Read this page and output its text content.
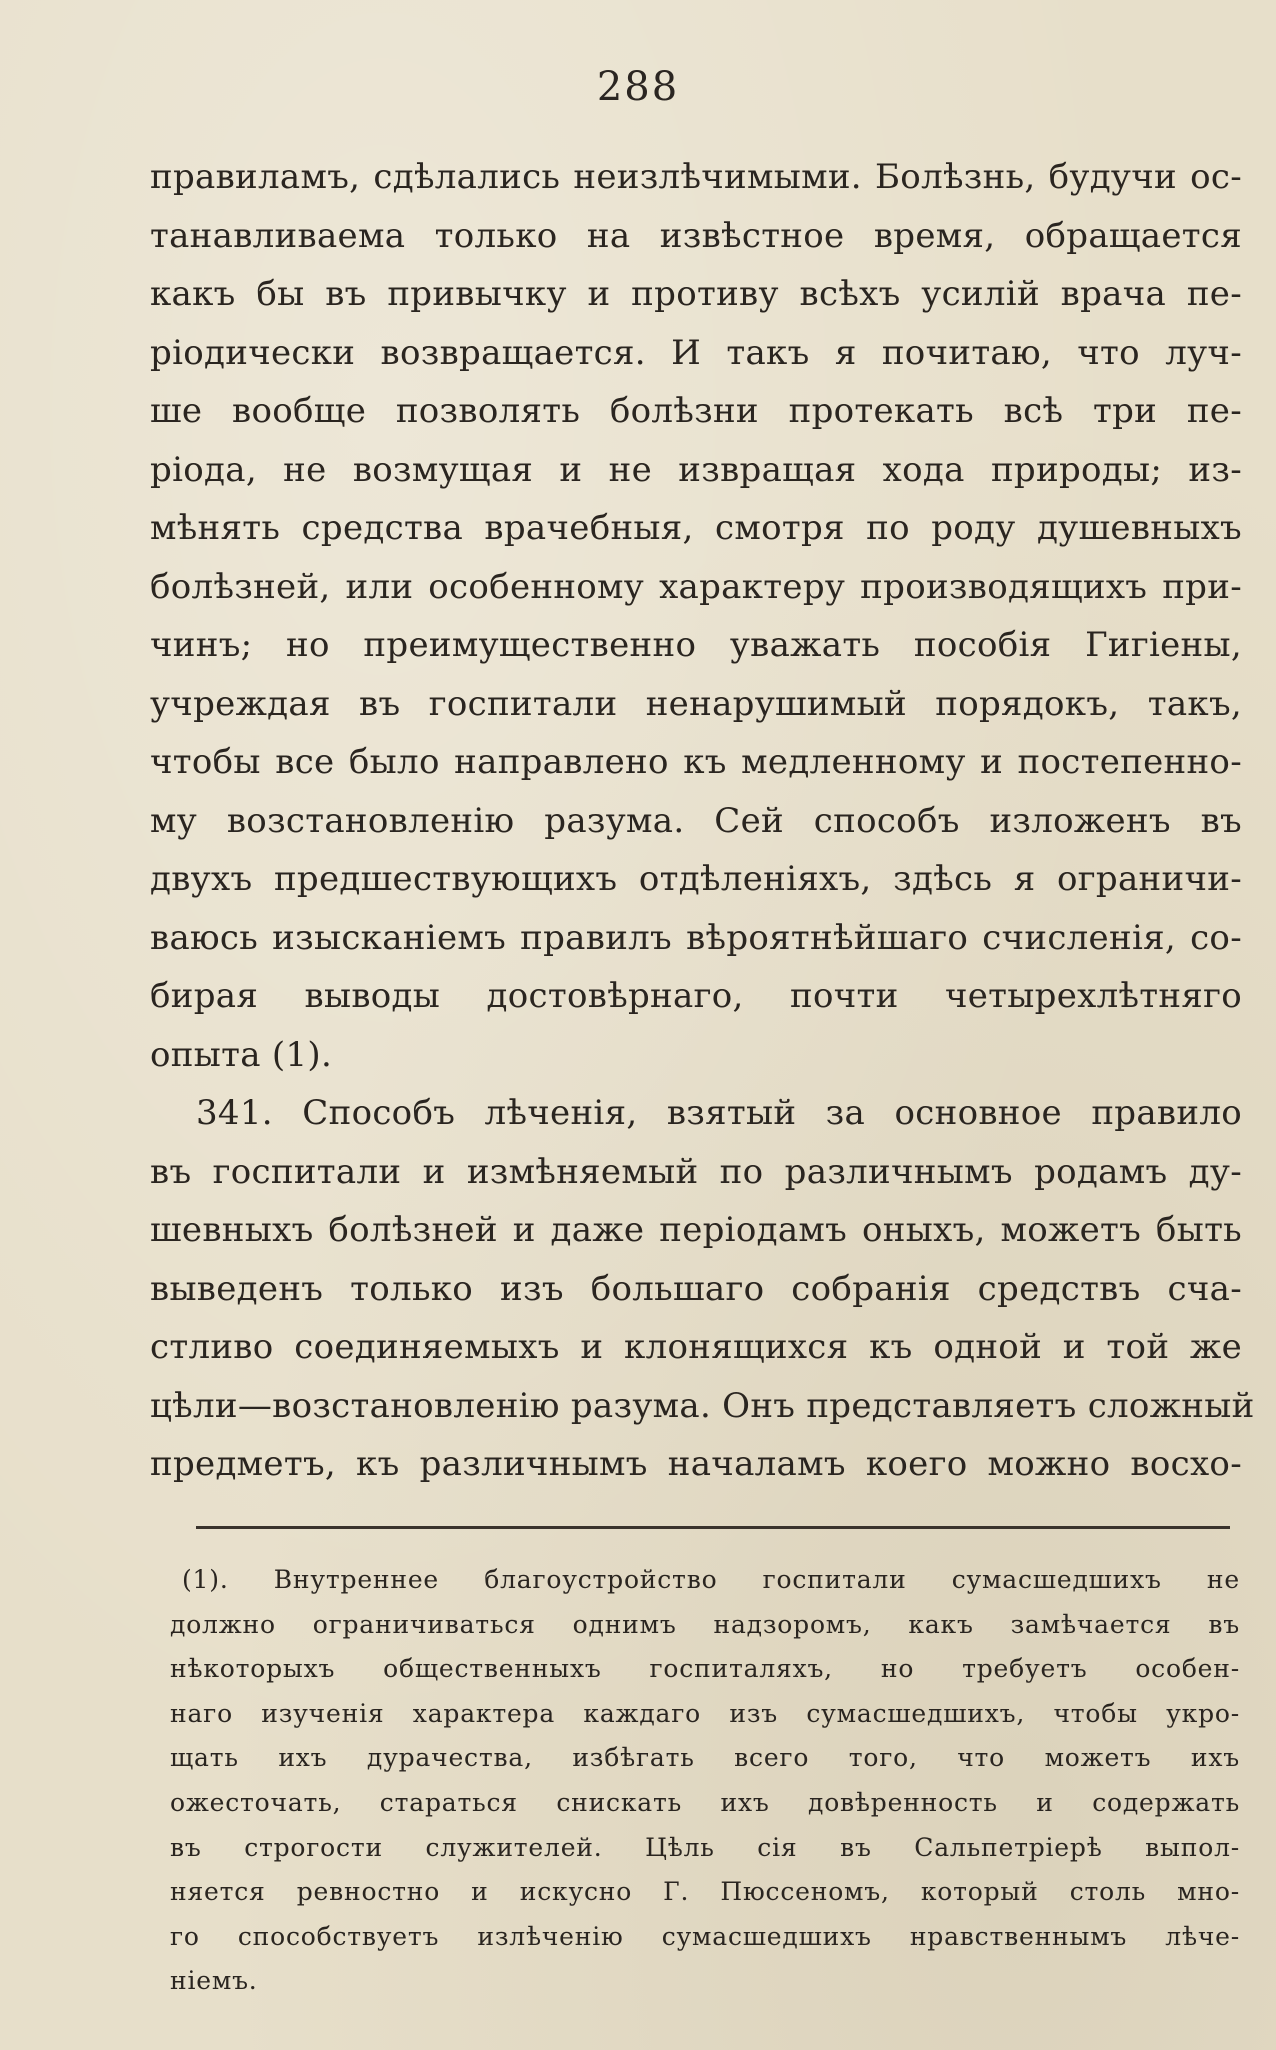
288
правиламъ, сдѣлались неизлѣчимыми. Болѣзнь, будучи ос-
танавливаема только на извѣстное время, обращается
какъ бы въ привычку и противу всѣхъ усилій врача пе-
ріодически возвращается. И такъ я почитаю, что луч-
ше вообще позволять болѣзни протекать всѣ три пе-
ріода, не возмущая и не извращая хода природы; из-
мѣнять средства врачебныя, смотря по роду душевныхъ
болѣзней, или особенному характеру производящихъ при-
чинъ; но преимущественно уважать пособія Гигіены,
учреждая въ госпитали ненарушимый порядокъ, такъ,
чтобы все было направлено къ медленному и постепенно-
му возстановленію разума. Сей способъ изложенъ въ
двухъ предшествующихъ отдѣленіяхъ, здѣсь я ограничи-
ваюсь изысканіемъ правилъ вѣроятнѣйшаго счисленія, со-
бирая выводы достовѣрнаго, почти четырехлѣтняго
опыта (1).
341. Способъ лѣченія, взятый за основное правило
въ госпитали и измѣняемый по различнымъ родамъ ду-
шевныхъ болѣзней и даже періодамъ оныхъ, можетъ быть
выведенъ только изъ большаго собранія средствъ сча-
стливо соединяемыхъ и клонящихся къ одной и той же
цѣли—возстановленію разума. Онъ представляетъ сложный
предметъ, къ различнымъ началамъ коего можно восхо-
(1). Внутреннее благоустройство госпитали сумасшедшихъ не
должно ограничиваться однимъ надзоромъ, какъ замѣчается въ
нѣкоторыхъ общественныхъ госпиталяхъ, но требуетъ особен-
наго изученія характера каждаго изъ сумасшедшихъ, чтобы укро-
щать ихъ дурачества, избѣгать всего того, что можетъ ихъ
ожесточать, стараться снискать ихъ довѣренность и содержать
въ строгости служителей. Цѣль сія въ Сальпетріерѣ выпол-
няется ревностно и искусно Г. Пюссеномъ, который столь мно-
го способствуетъ излѣченію сумасшедшихъ нравственнымъ лѣче-
ніемъ.
